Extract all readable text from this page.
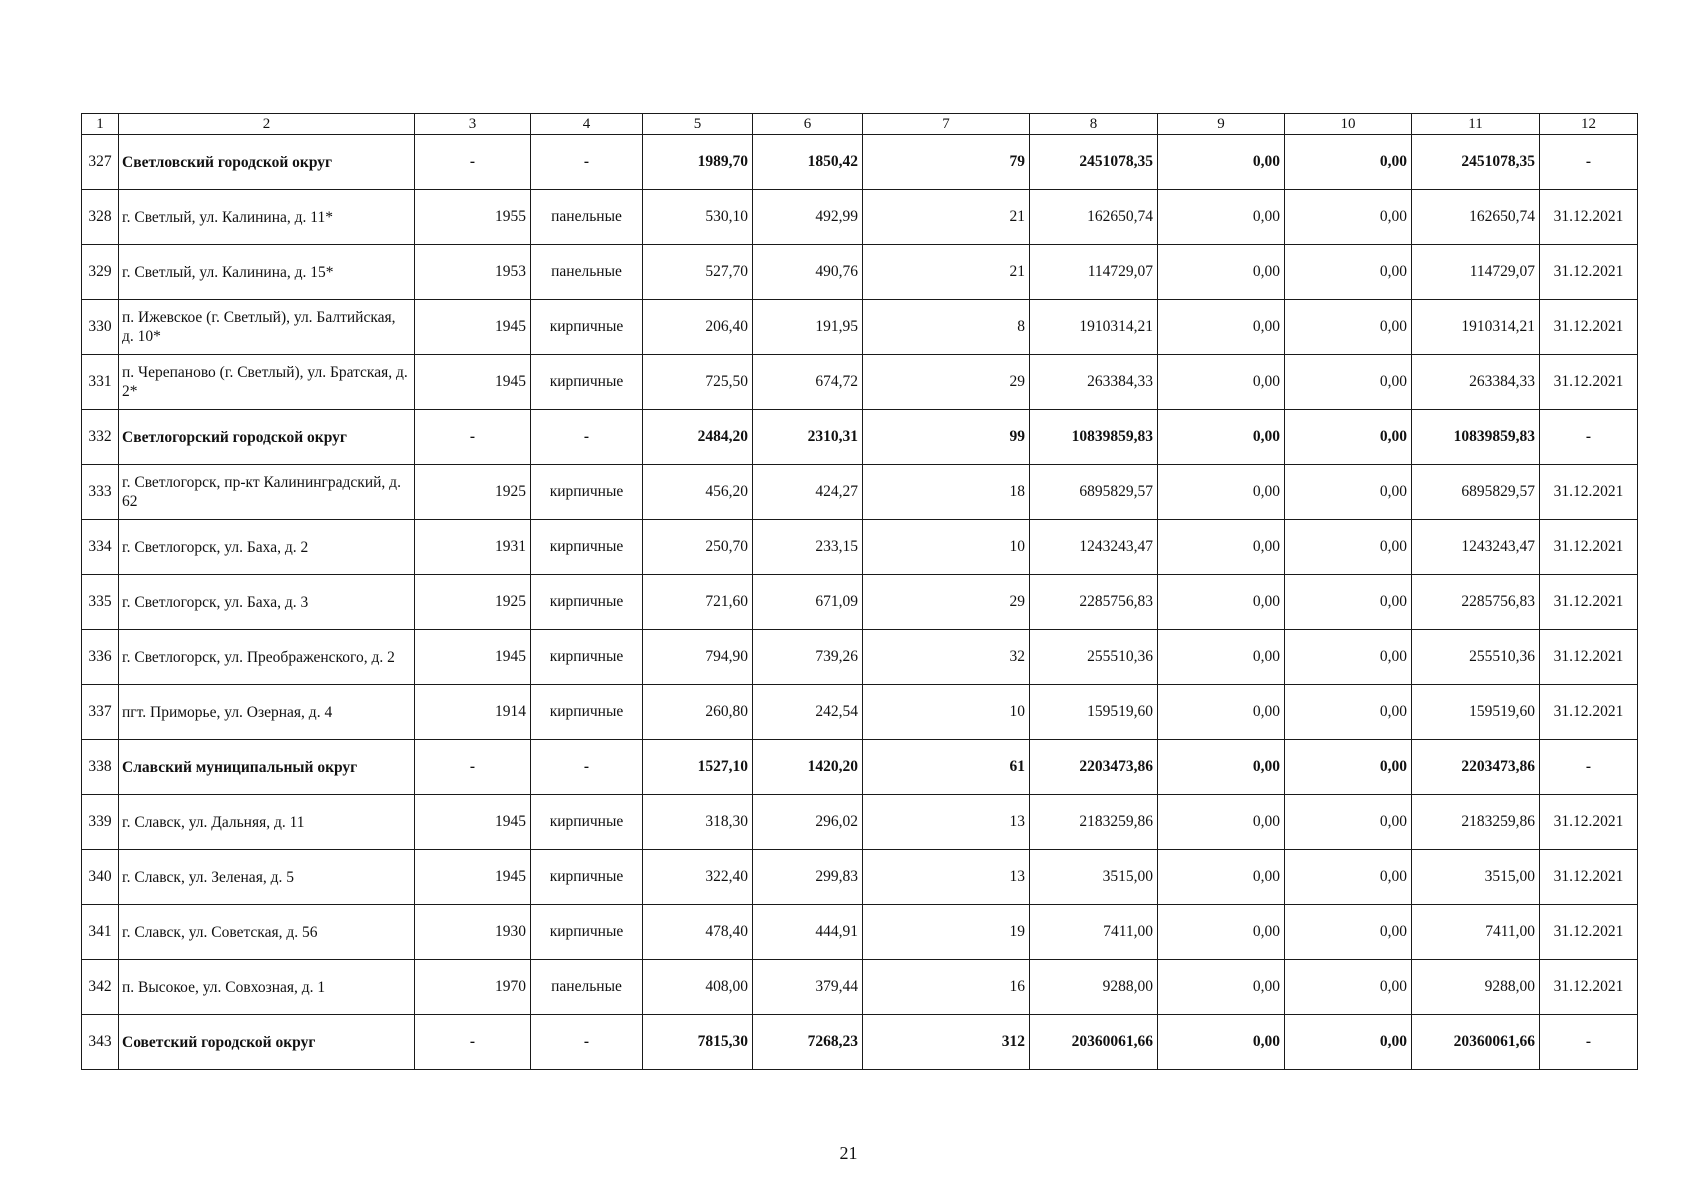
1	2	3	4	5	6	7	8	9	10	11	12
327	Светловский городской округ	-	-	1989,70	1850,42	79	2451078,35	0,00	0,00	2451078,35	-
328	г. Светлый, ул. Калинина, д. 11*	1955	панельные	530,10	492,99	21	162650,74	0,00	0,00	162650,74	31.12.2021
329	г. Светлый, ул. Калинина, д. 15*	1953	панельные	527,70	490,76	21	114729,07	0,00	0,00	114729,07	31.12.2021
330	п. Ижевское (г. Светлый), ул. Балтийская, д. 10*	1945	кирпичные	206,40	191,95	8	1910314,21	0,00	0,00	1910314,21	31.12.2021
331	п. Черепаново (г. Светлый), ул. Братская, д. 2*	1945	кирпичные	725,50	674,72	29	263384,33	0,00	0,00	263384,33	31.12.2021
332	Светлогорский городской округ	-	-	2484,20	2310,31	99	10839859,83	0,00	0,00	10839859,83	-
333	г. Светлогорск, пр-кт Калининградский, д. 62	1925	кирпичные	456,20	424,27	18	6895829,57	0,00	0,00	6895829,57	31.12.2021
334	г. Светлогорск, ул. Баха, д. 2	1931	кирпичные	250,70	233,15	10	1243243,47	0,00	0,00	1243243,47	31.12.2021
335	г. Светлогорск, ул. Баха, д. 3	1925	кирпичные	721,60	671,09	29	2285756,83	0,00	0,00	2285756,83	31.12.2021
336	г. Светлогорск, ул. Преображенского, д. 2	1945	кирпичные	794,90	739,26	32	255510,36	0,00	0,00	255510,36	31.12.2021
337	пгт. Приморье, ул. Озерная, д. 4	1914	кирпичные	260,80	242,54	10	159519,60	0,00	0,00	159519,60	31.12.2021
338	Славский муниципальный округ	-	-	1527,10	1420,20	61	2203473,86	0,00	0,00	2203473,86	-
339	г. Славск, ул. Дальняя, д. 11	1945	кирпичные	318,30	296,02	13	2183259,86	0,00	0,00	2183259,86	31.12.2021
340	г. Славск, ул. Зеленая, д. 5	1945	кирпичные	322,40	299,83	13	3515,00	0,00	0,00	3515,00	31.12.2021
341	г. Славск, ул. Советская, д. 56	1930	кирпичные	478,40	444,91	19	7411,00	0,00	0,00	7411,00	31.12.2021
342	п. Высокое, ул. Совхозная, д. 1	1970	панельные	408,00	379,44	16	9288,00	0,00	0,00	9288,00	31.12.2021
343	Советский городской округ	-	-	7815,30	7268,23	312	20360061,66	0,00	0,00	20360061,66	-
21
